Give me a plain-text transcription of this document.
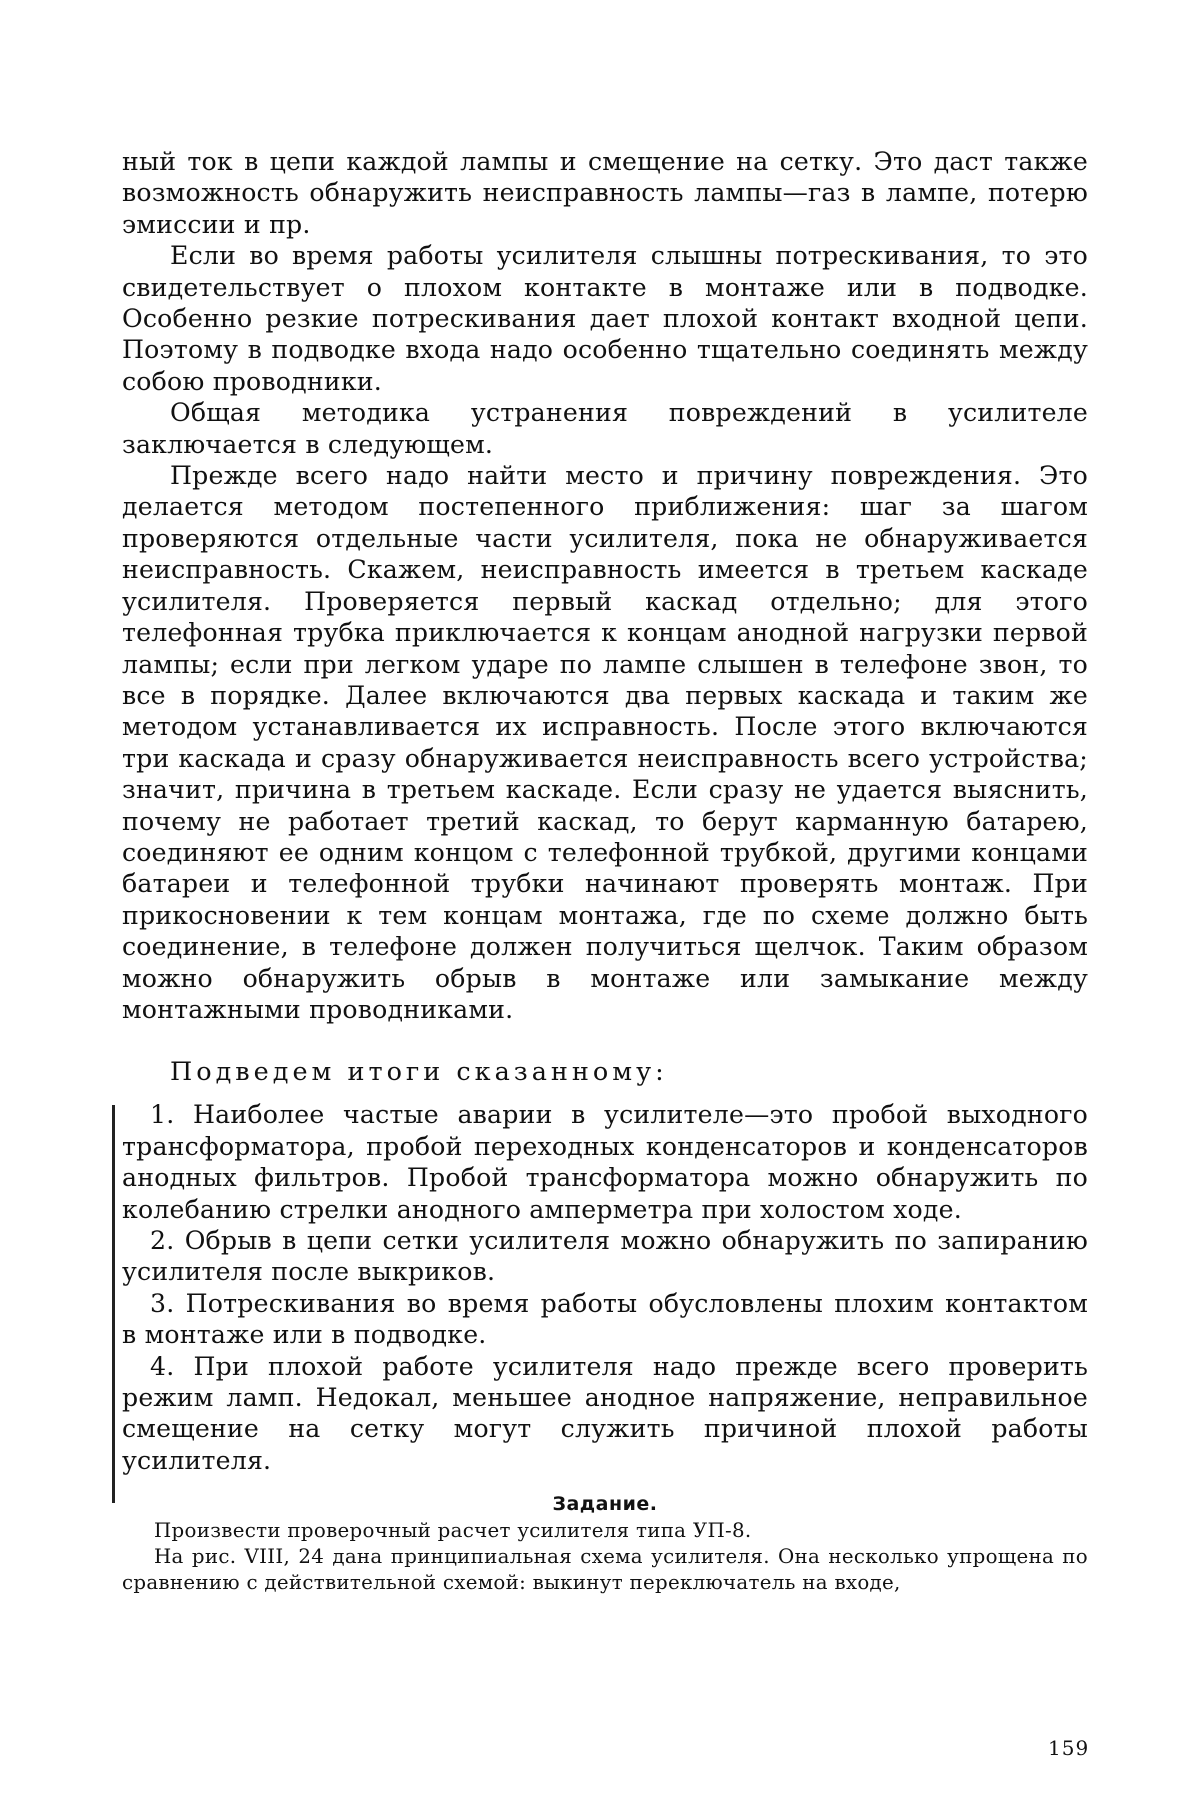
ный ток в цепи каждой лампы и смещение на сетку. Это даст также возможность обнаружить неисправность лампы—газ в лампе, потерю эмиссии и пр.

Если во время работы усилителя слышны потрескивания, то это свидетельствует о плохом контакте в монтаже или в подводке. Особенно резкие потрескивания дает плохой контакт входной цепи. Поэтому в подводке входа надо особенно тщательно соединять между собою проводники.

Общая методика устранения повреждений в усилителе заключается в следующем.

Прежде всего надо найти место и причину повреждения. Это делается методом постепенного приближения: шаг за шагом проверяются отдельные части усилителя, пока не обнаруживается неисправность. Скажем, неисправность имеется в третьем каскаде усилителя. Проверяется первый каскад отдельно; для этого телефонная трубка приключается к концам анодной нагрузки первой лампы; если при легком ударе по лампе слышен в телефоне звон, то все в порядке. Далее включаются два первых каскада и таким же методом устанавливается их исправность. После этого включаются три каскада и сразу обнаруживается неисправность всего устройства; значит, причина в третьем каскаде. Если сразу не удается выяснить, почему не работает третий каскад, то берут карманную батарею, соединяют ее одним концом с телефонной трубкой, другими концами батареи и телефонной трубки начинают проверять монтаж. При прикосновении к тем концам монтажа, где по схеме должно быть соединение, в телефоне должен получиться щелчок. Таким образом можно обнаружить обрыв в монтаже или замыкание между монтажными проводниками.

Подведем итоги сказанному:

1. Наиболее частые аварии в усилителе—это пробой выходного трансформатора, пробой переходных конденсаторов и конденсаторов анодных фильтров. Пробой трансформатора можно обнаружить по колебанию стрелки анодного амперметра при холостом ходе.

2. Обрыв в цепи сетки усилителя можно обнаружить по запиранию усилителя после выкриков.

3. Потрескивания во время работы обусловлены плохим контактом в монтаже или в подводке.

4. При плохой работе усилителя надо прежде всего проверить режим ламп. Недокал, меньшее анодное напряжение, неправильное смещение на сетку могут служить причиной плохой работы усилителя.

Задание.

Произвести проверочный расчет усилителя типа УП-8.

На рис. VIII, 24 дана принципиальная схема усилителя. Она несколько упрощена по сравнению с действительной схемой: выкинут переключатель на входе,

159
